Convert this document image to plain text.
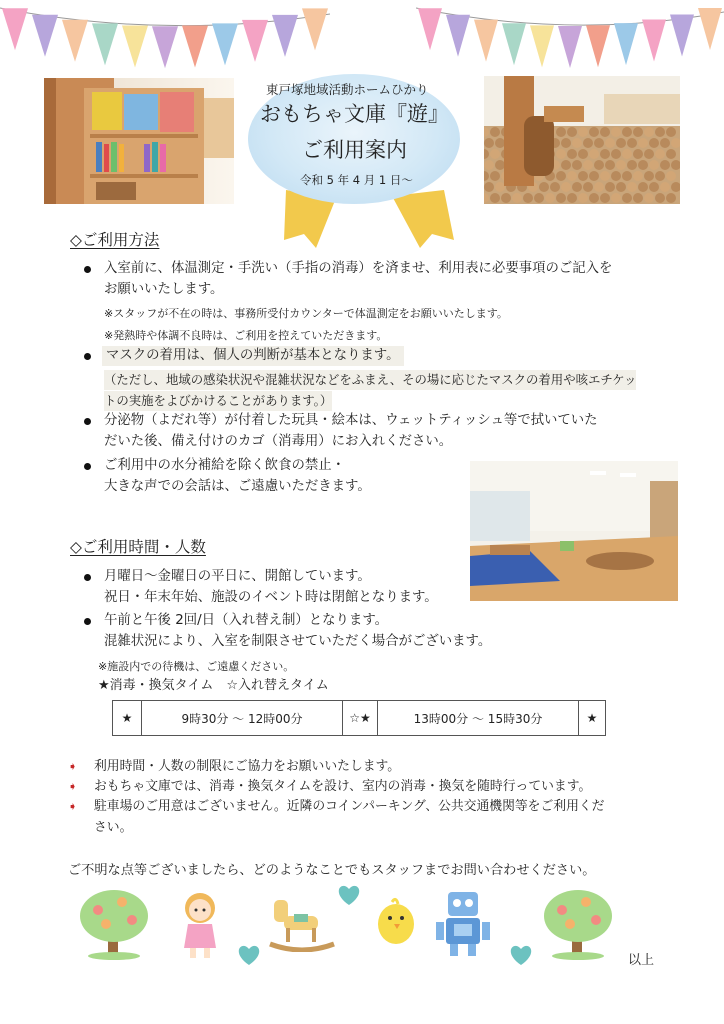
東戸塚地域活動ホームひかり
おもちゃ文庫『遊』
ご利用案内
令和 5 年 4 月 1 日〜
◇ご利用方法
入室前に、体温測定・手洗い（手指の消毒）を済ませ、利用表に必要事項のご記入を
お願いいたします。
※スタッフが不在の時は、事務所受付カウンターで体温測定をお願いいたします。
※発熱時や体調不良時は、ご利用を控えていただきます。
マスクの着用は、個人の判断が基本となります。
（ただし、地域の感染状況や混雑状況などをふまえ、その場に応じたマスクの着用や咳エチケッ
トの実施をよびかけることがあります。）
分泌物（よだれ等）が付着した玩具・絵本は、ウェットティッシュ等で拭いていた
だいた後、備え付けのカゴ（消毒用）にお入れください。
ご利用中の水分補給を除く飲食の禁止・
大きな声での会話は、ご遠慮いただきます。
◇ご利用時間・人数
月曜日〜金曜日の平日に、開館しています。
祝日・年末年始、施設のイベント時は閉館となります。
午前と午後 2回/日（入れ替え制）となります。
混雑状況により、入室を制限させていただく場合がございます。
※施設内での待機は、ご遠慮ください。
★消毒・換気タイム　☆入れ替えタイム
★	9時30分 〜 12時00分	☆★	13時00分 〜 15時30分	★
➧ 利用時間・人数の制限にご協力をお願いいたします。
➧ おもちゃ文庫では、消毒・換気タイムを設け、室内の消毒・換気を随時行っています。
➧ 駐車場のご用意はございません。近隣のコインパーキング、公共交通機関等をご利用くだ
さい。
ご不明な点等ございましたら、どのようなことでもスタッフまでお問い合わせください。
以上
